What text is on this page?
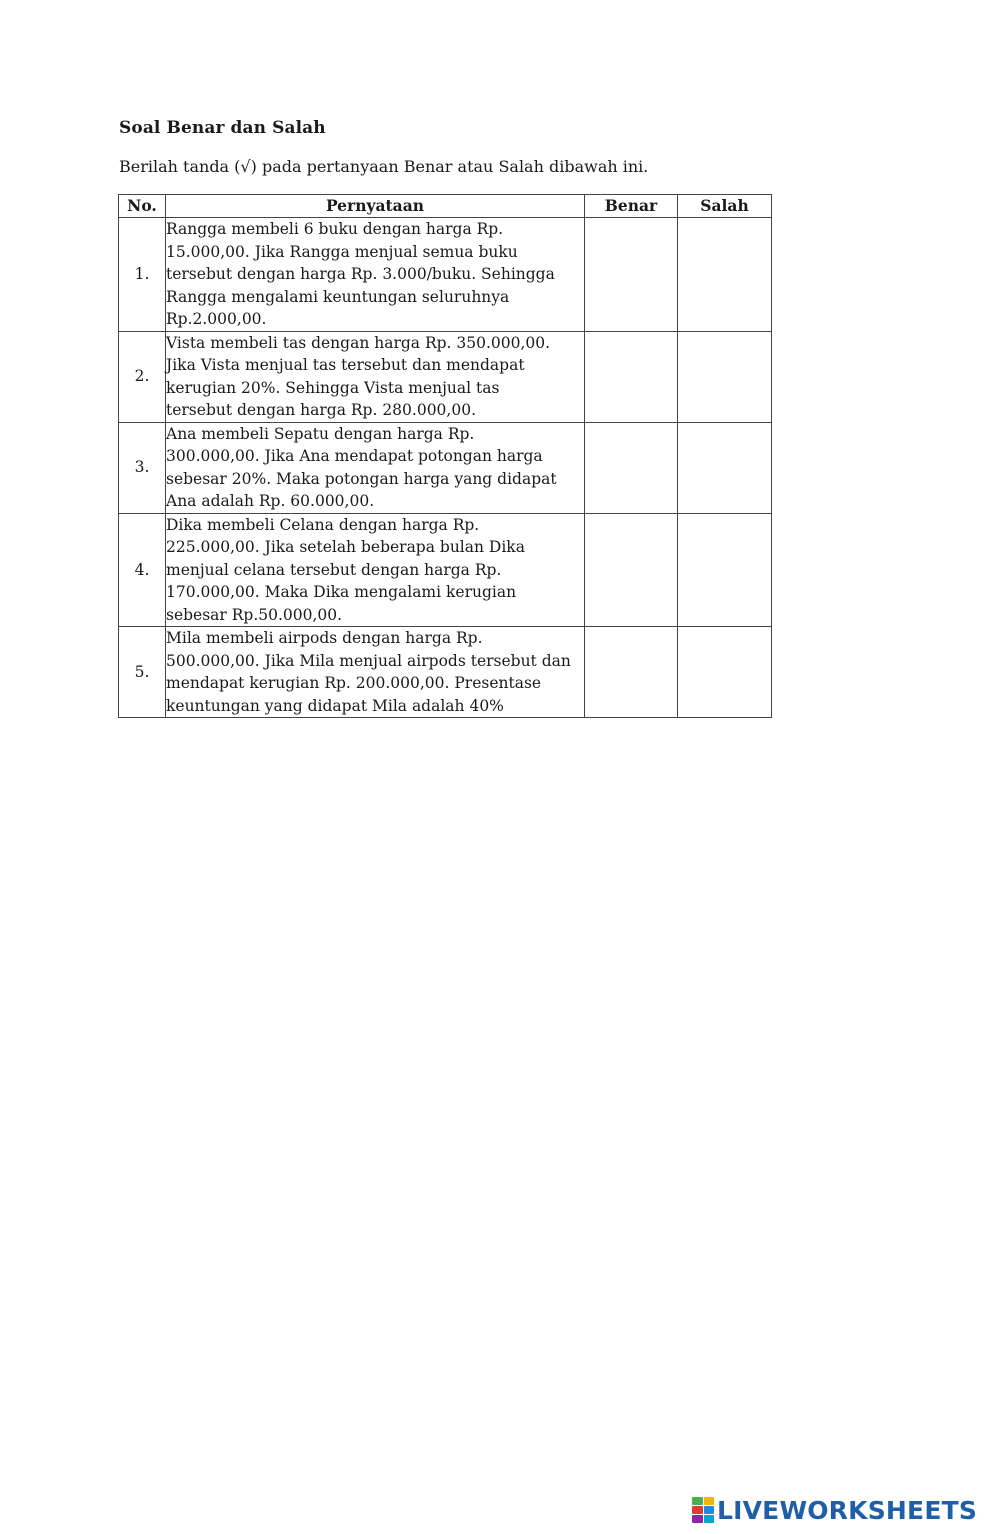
Soal Benar dan Salah
Berilah tanda (√) pada pertanyaan Benar atau Salah dibawah ini.
No.	Pernyataan	Benar	Salah
1.	Rangga membeli 6 buku dengan harga Rp.
15.000,00. Jika Rangga menjual semua buku
tersebut dengan harga Rp. 3.000/buku. Sehingga
Rangga mengalami keuntungan seluruhnya
Rp.2.000,00.		

2.	Vista membeli tas dengan harga Rp. 350.000,00.
Jika Vista menjual tas tersebut dan mendapat
kerugian 20%. Sehingga Vista menjual tas
tersebut dengan harga Rp. 280.000,00.		

3.	Ana membeli Sepatu dengan harga Rp.
300.000,00. Jika Ana mendapat potongan harga
sebesar 20%. Maka potongan harga yang didapat
Ana adalah Rp. 60.000,00.		

4.	Dika membeli Celana dengan harga Rp.
225.000,00. Jika setelah beberapa bulan Dika
menjual celana tersebut dengan harga Rp.
170.000,00. Maka Dika mengalami kerugian
sebesar Rp.50.000,00.		

5.	Mila membeli airpods dengan harga Rp.
500.000,00. Jika Mila menjual airpods tersebut dan
mendapat kerugian Rp. 200.000,00. Presentase
keuntungan yang didapat Mila adalah 40%		

LIVEWORKSHEETS
